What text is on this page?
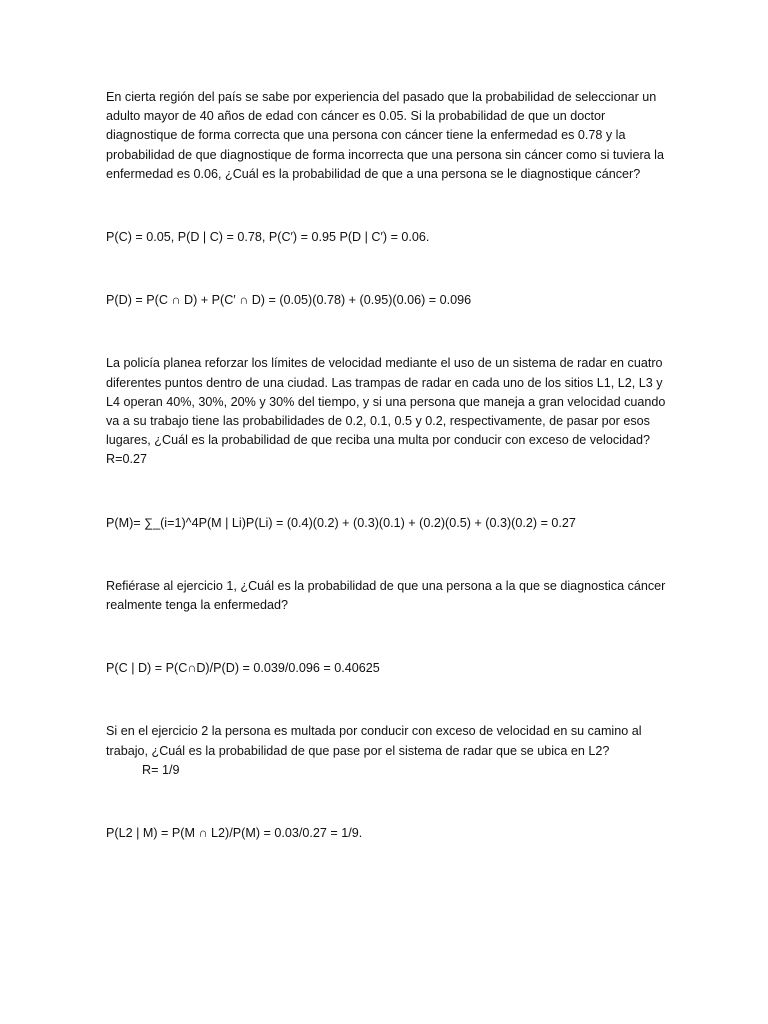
En cierta región del país se sabe por experiencia del pasado que la probabilidad de seleccionar un adulto mayor de 40 años de edad con cáncer es 0.05. Si la probabilidad de que un doctor diagnostique de forma correcta que una persona con cáncer tiene la enfermedad es 0.78 y la probabilidad de que diagnostique de forma incorrecta que una persona sin cáncer como si tuviera la enfermedad es 0.06, ¿Cuál es la probabilidad de que a una persona se le diagnostique cáncer?

P(C) = 0.05, P(D | C) = 0.78, P(C′) = 0.95 P(D | C′) = 0.06.

P(D) = P(C ∩ D) + P(C′ ∩ D) = (0.05)(0.78) + (0.95)(0.06) = 0.096

La policía planea reforzar los límites de velocidad mediante el uso de un sistema de radar en cuatro diferentes puntos dentro de una ciudad. Las trampas de radar en cada uno de los sitios L1, L2, L3 y L4 operan 40%, 30%, 20% y 30% del tiempo, y si una persona que maneja a gran velocidad cuando va a su trabajo tiene las probabilidades de 0.2, 0.1, 0.5 y 0.2, respectivamente, de pasar por esos lugares, ¿Cuál es la probabilidad de que reciba una multa por conducir con exceso de velocidad? R=0.27

P(M)= ∑_(i=1)^4P(M | Li)P(Li) = (0.4)(0.2) + (0.3)(0.1) + (0.2)(0.5) + (0.3)(0.2) = 0.27

Refiérase al ejercicio 1, ¿Cuál es la probabilidad de que una persona a la que se diagnostica cáncer realmente tenga la enfermedad?

P(C | D) = P(C∩D)/P(D) = 0.039/0.096 = 0.40625

Si en el ejercicio 2 la persona es multada por conducir con exceso de velocidad en su camino al trabajo, ¿Cuál es la probabilidad de que pase por el sistema de radar que se ubica en L2?R= 1/9

P(L2 | M) = P(M ∩ L2)/P(M) = 0.03/0.27 = 1/9.
